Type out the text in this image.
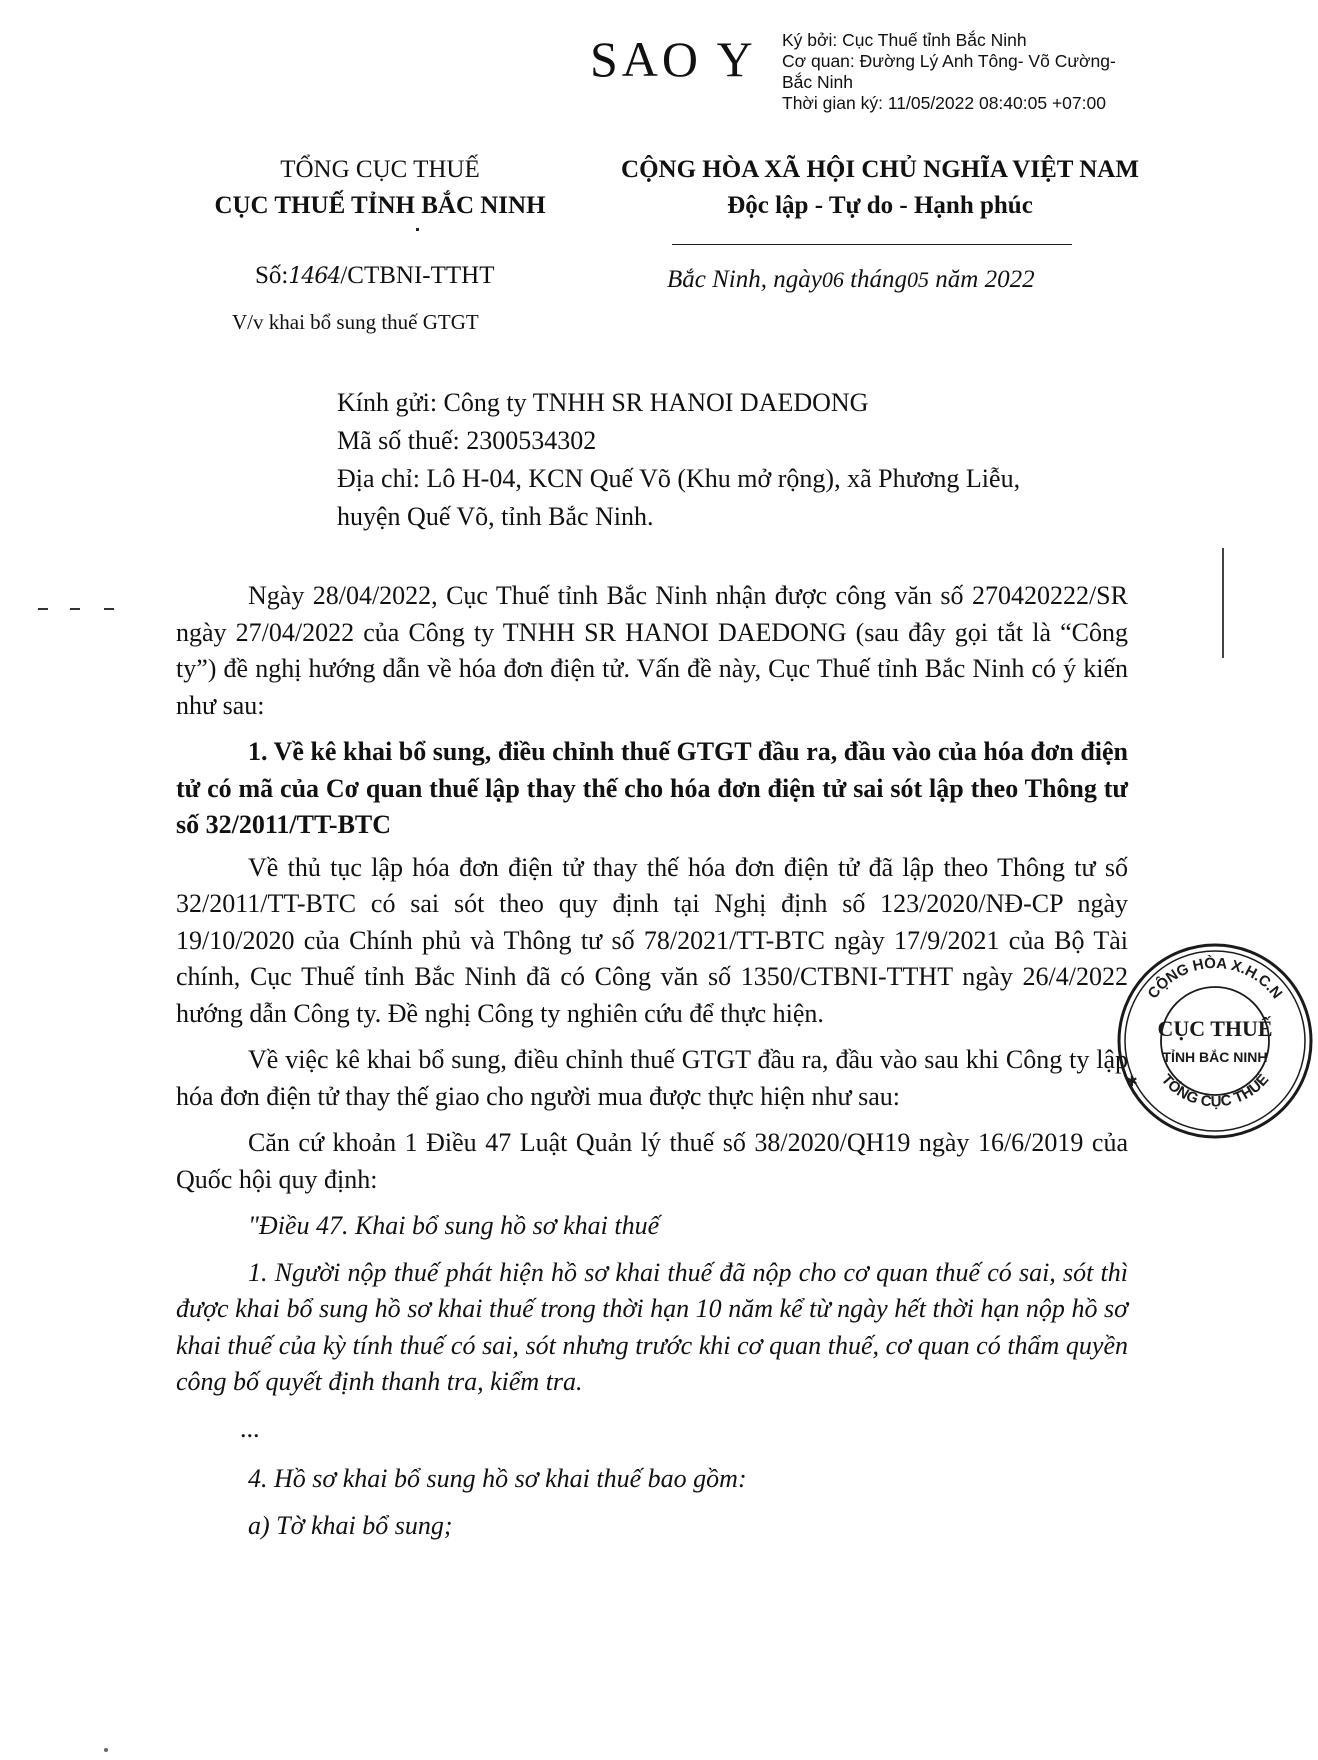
SAO Y Ký bởi: Cục Thuế tỉnh Bắc Ninh
Cơ quan: Đường Lý Anh Tông- Võ Cường-
Bắc Ninh
Thời gian ký: 11/05/2022 08:40:05 +07:00
TỔNG CỤC THUẾ
CỤC THUẾ TỈNH BẮC NINH
CỘNG HÒA XÃ HỘI CHỦ NGHĨA VIỆT NAM
Độc lập - Tự do - Hạnh phúc
Số:1464/CTBNI-TTHT
V/v khai bổ sung thuế GTGT
Bắc Ninh, ngày06 tháng05 năm 2022
Kính gửi: Công ty TNHH SR HANOI DAEDONG
Mã số thuế: 2300534302
Địa chỉ: Lô H-04, KCN Quế Võ (Khu mở rộng), xã Phương Liễu,
huyện Quế Võ, tỉnh Bắc Ninh.

Ngày 28/04/2022, Cục Thuế tỉnh Bắc Ninh nhận được công văn số 270420222/SR ngày 27/04/2022 của Công ty TNHH SR HANOI DAEDONG (sau đây gọi tắt là “Công ty”) đề nghị hướng dẫn về hóa đơn điện tử. Vấn đề này, Cục Thuế tỉnh Bắc Ninh có ý kiến như sau:

1. Về kê khai bổ sung, điều chỉnh thuế GTGT đầu ra, đầu vào của hóa đơn điện tử có mã của Cơ quan thuế lập thay thế cho hóa đơn điện tử sai sót lập theo Thông tư số 32/2011/TT-BTC

Về thủ tục lập hóa đơn điện tử thay thế hóa đơn điện tử đã lập theo Thông tư số 32/2011/TT-BTC có sai sót theo quy định tại Nghị định số 123/2020/NĐ-CP ngày 19/10/2020 của Chính phủ và Thông tư số 78/2021/TT-BTC ngày 17/9/2021 của Bộ Tài chính, Cục Thuế tỉnh Bắc Ninh đã có Công văn số 1350/CTBNI-TTHT ngày 26/4/2022 hướng dẫn Công ty. Đề nghị Công ty nghiên cứu để thực hiện.

Về việc kê khai bổ sung, điều chỉnh thuế GTGT đầu ra, đầu vào sau khi Công ty lập hóa đơn điện tử thay thế giao cho người mua được thực hiện như sau:

Căn cứ khoản 1 Điều 47 Luật Quản lý thuế số 38/2020/QH19 ngày 16/6/2019 của Quốc hội quy định:

"Điều 47. Khai bổ sung hồ sơ khai thuế

1. Người nộp thuế phát hiện hồ sơ khai thuế đã nộp cho cơ quan thuế có sai, sót thì được khai bổ sung hồ sơ khai thuế trong thời hạn 10 năm kể từ ngày hết thời hạn nộp hồ sơ khai thuế của kỳ tính thuế có sai, sót nhưng trước khi cơ quan thuế, cơ quan có thẩm quyền công bố quyết định thanh tra, kiểm tra.

...

4. Hồ sơ khai bổ sung hồ sơ khai thuế bao gồm:

a) Tờ khai bổ sung;

CỘNG HÒA X.H.C.N
TỔNG CỤC THUẾ
CỤC THUẾ
TỈNH BẮC NINH
✱
